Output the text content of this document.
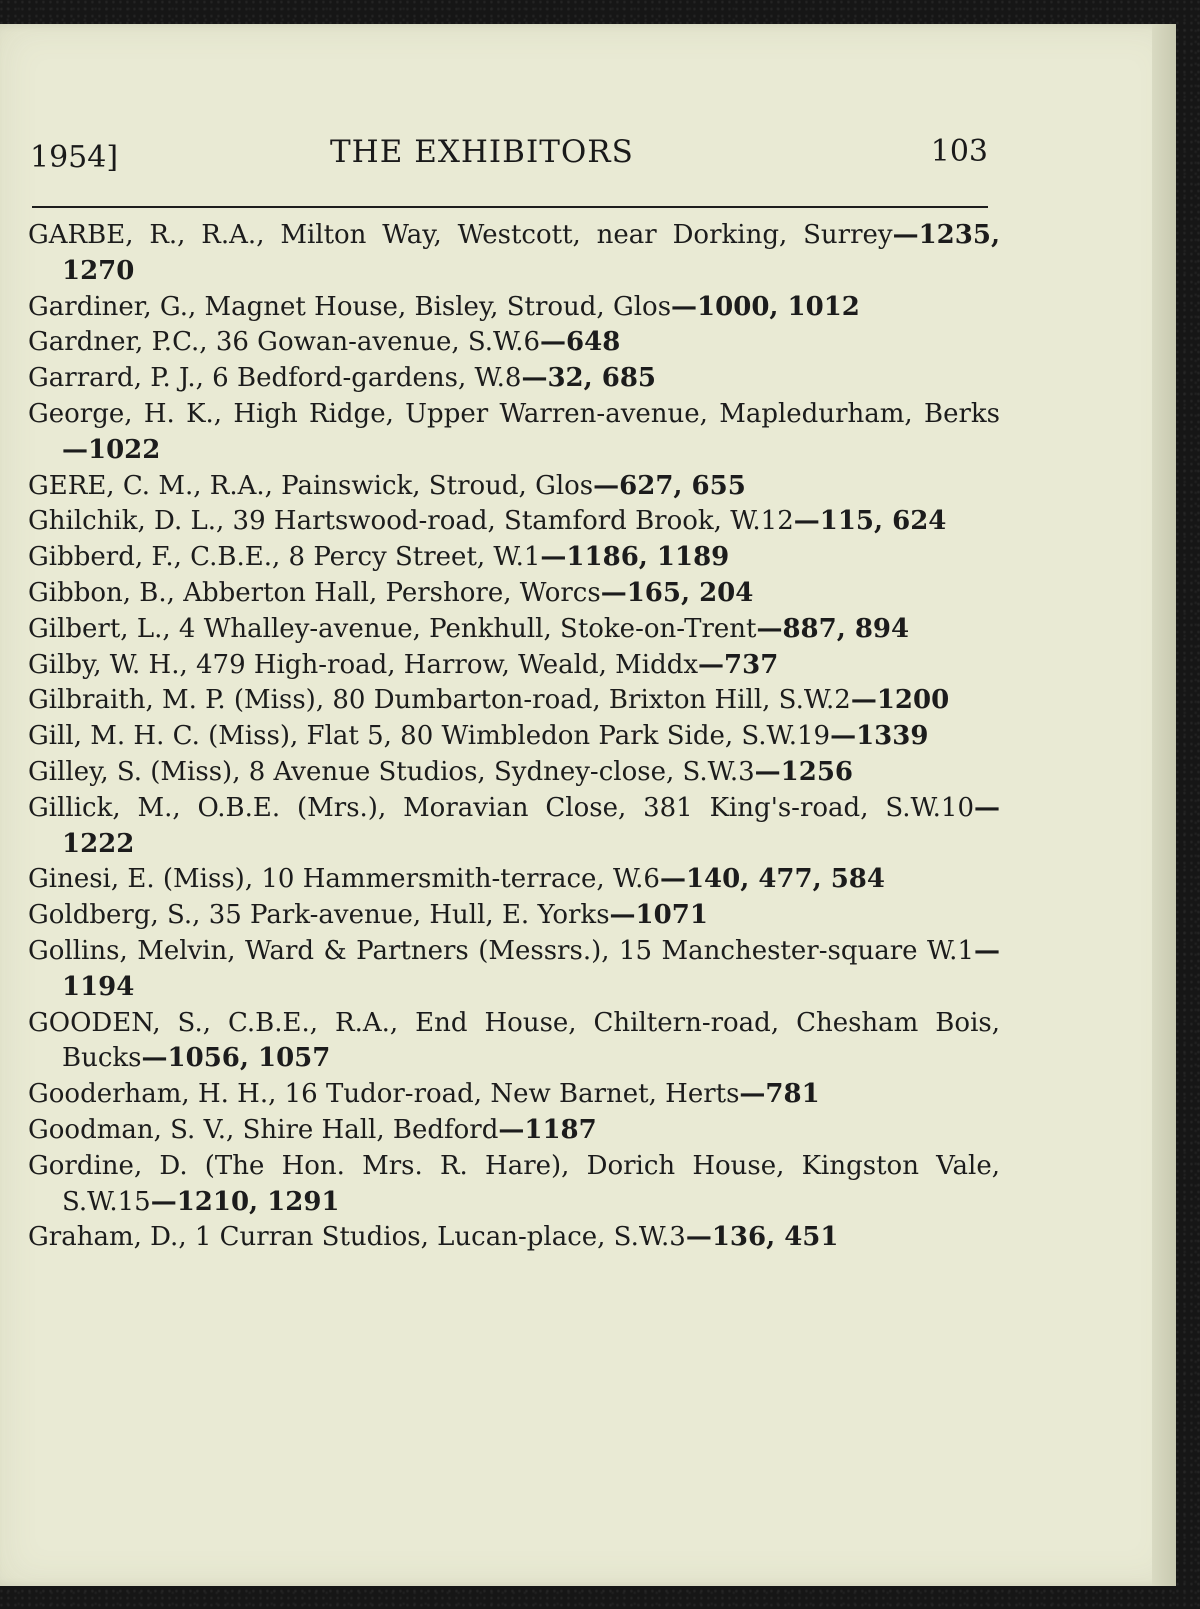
1954]	THE EXHIBITORS	103
GARBE, R., R.A., Milton Way, Westcott, near Dorking, Surrey—1235, 1270
Gardiner, G., Magnet House, Bisley, Stroud, Glos—1000, 1012
Gardner, P.C., 36 Gowan-avenue, S.W.6—648
Garrard, P. J., 6 Bedford-gardens, W.8—32, 685
George, H. K., High Ridge, Upper Warren-avenue, Mapledurham, Berks—1022
GERE, C. M., R.A., Painswick, Stroud, Glos—627, 655
Ghilchik, D. L., 39 Hartswood-road, Stamford Brook, W.12—115, 624
Gibberd, F., C.B.E., 8 Percy Street, W.1—1186, 1189
Gibbon, B., Abberton Hall, Pershore, Worcs—165, 204
Gilbert, L., 4 Whalley-avenue, Penkhull, Stoke-on-Trent—887, 894
Gilby, W. H., 479 High-road, Harrow, Weald, Middx—737
Gilbraith, M. P. (Miss), 80 Dumbarton-road, Brixton Hill, S.W.2—1200
Gill, M. H. C. (Miss), Flat 5, 80 Wimbledon Park Side, S.W.19—1339
Gilley, S. (Miss), 8 Avenue Studios, Sydney-close, S.W.3—1256
Gillick, M., O.B.E. (Mrs.), Moravian Close, 381 King's-road, S.W.10—1222
Ginesi, E. (Miss), 10 Hammersmith-terrace, W.6—140, 477, 584
Goldberg, S., 35 Park-avenue, Hull, E. Yorks—1071
Gollins, Melvin, Ward & Partners (Messrs.), 15 Manchester-square W.1—1194
GOODEN, S., C.B.E., R.A., End House, Chiltern-road, Chesham Bois, Bucks—1056, 1057
Gooderham, H. H., 16 Tudor-road, New Barnet, Herts—781
Goodman, S. V., Shire Hall, Bedford—1187
Gordine, D. (The Hon. Mrs. R. Hare), Dorich House, Kingston Vale, S.W.15—1210, 1291
Graham, D., 1 Curran Studios, Lucan-place, S.W.3—136, 451
